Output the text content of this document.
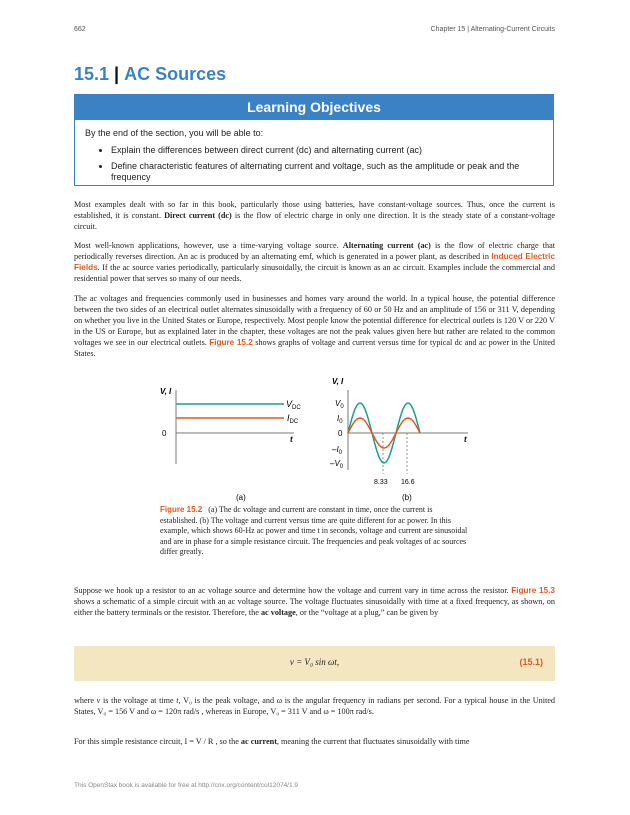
662	Chapter 15 | Alternating-Current Circuits
15.1 | AC Sources
Learning Objectives
By the end of the section, you will be able to:
• Explain the differences between direct current (dc) and alternating current (ac)
• Define characteristic features of alternating current and voltage, such as the amplitude or peak and the frequency

Most examples dealt with so far in this book, particularly those using batteries, have constant-voltage sources. Thus, once the current is established, it is constant. Direct current (dc) is the flow of electric charge in only one direction. It is the steady state of a constant-voltage circuit.

Most well-known applications, however, use a time-varying voltage source. Alternating current (ac) is the flow of electric charge that periodically reverses direction. An ac is produced by an alternating emf, which is generated in a power plant, as described in Induced Electric Fields. If the ac source varies periodically, particularly sinusoidally, the circuit is known as an ac circuit. Examples include the commercial and residential power that serves so many of our needs.

The ac voltages and frequencies commonly used in businesses and homes vary around the world. In a typical house, the potential difference between the two sides of an electrical outlet alternates sinusoidally with a frequency of 60 or 50 Hz and an amplitude of 156 or 311 V, depending on whether you live in the United States or Europe, respectively. Most people know the potential difference for electrical outlets is 120 V or 220 V in the US or Europe, but as explained later in the chapter, these voltages are not the peak values given here but rather are related to the common voltages we see in our electrical outlets. Figure 15.2 shows graphs of voltage and current versus time for typical dc and ac power in the United States.

V, I
0
t
$V_{DC}$
$I_{DC}$
V, I
t
$V_0$
$I_0$
0
$-I_0$
$-V_0$
8.33 16.6
(a)	(b)
Figure 15.2 (a) The dc voltage and current are constant in time, once the current is established. (b) The voltage and current versus time are quite different for ac power. In this example, which shows 60-Hz ac power and time t in seconds, voltage and current are sinusoidal and are in phase for a simple resistance circuit. The frequencies and peak voltages of ac sources differ greatly.

Suppose we hook up a resistor to an ac voltage source and determine how the voltage and current vary in time across the resistor. Figure 15.3 shows a schematic of a simple circuit with an ac voltage source. The voltage fluctuates sinusoidally with time at a fixed frequency, as shown, on either the battery terminals or the resistor. Therefore, the ac voltage, or the “voltage at a plug,” can be given by

v = V₀ sin ωt,	(15.1)

where v is the voltage at time t, V₀ is the peak voltage, and ω is the angular frequency in radians per second. For a typical house in the United States, V₀ = 156 V and ω = 120π rad/s , whereas in Europe, V₀ = 311 V and ω = 100π rad/s.

For this simple resistance circuit, I = V / R , so the ac current, meaning the current that fluctuates sinusoidally with time

This OpenStax book is available for free at http://cnx.org/content/col12074/1.9
